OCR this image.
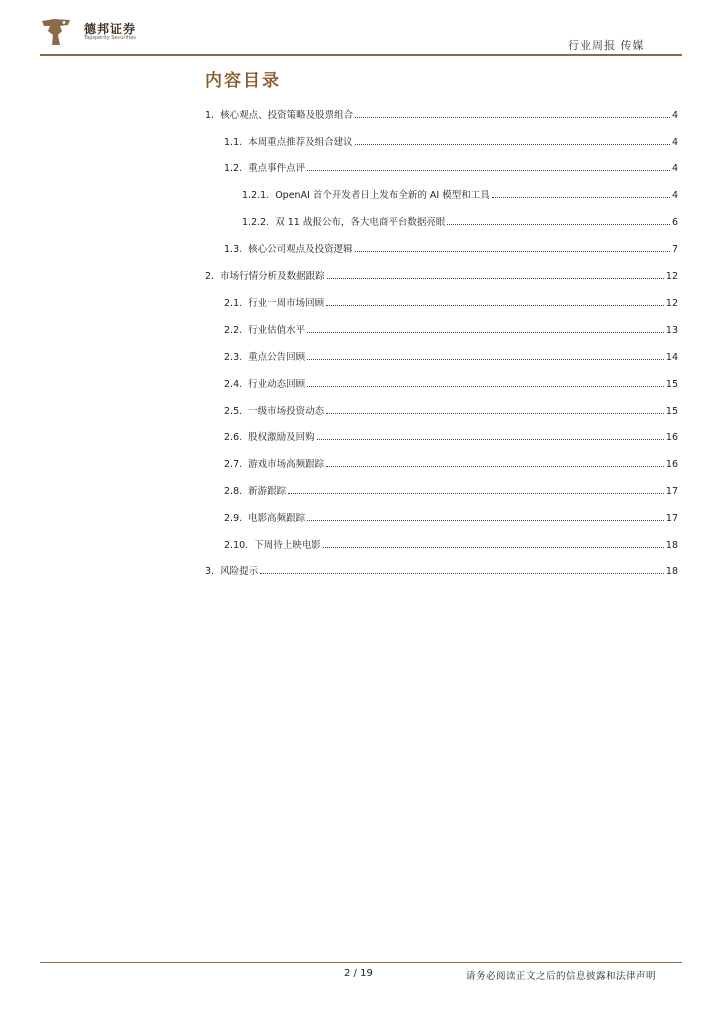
德邦证券
Topsperity Securities
行业周报 传媒
内容目录
1. 核心观点、投资策略及股票组合	4
1.1. 本周重点推荐及组合建议	4
1.2. 重点事件点评	4
1.2.1. OpenAI 首个开发者日上发布全新的 AI 模型和工具	4
1.2.2. 双 11 战报公布，各大电商平台数据亮眼	6
1.3. 核心公司观点及投资逻辑	7
2. 市场行情分析及数据跟踪	12
2.1. 行业一周市场回顾	12
2.2. 行业估值水平	13
2.3. 重点公告回顾	14
2.4. 行业动态回顾	15
2.5. 一级市场投资动态	15
2.6. 股权激励及回购	16
2.7. 游戏市场高频跟踪	16
2.8. 新游跟踪	17
2.9. 电影高频跟踪	17
2.10. 下周待上映电影	18
3. 风险提示	18
2 / 19	请务必阅读正文之后的信息披露和法律声明
